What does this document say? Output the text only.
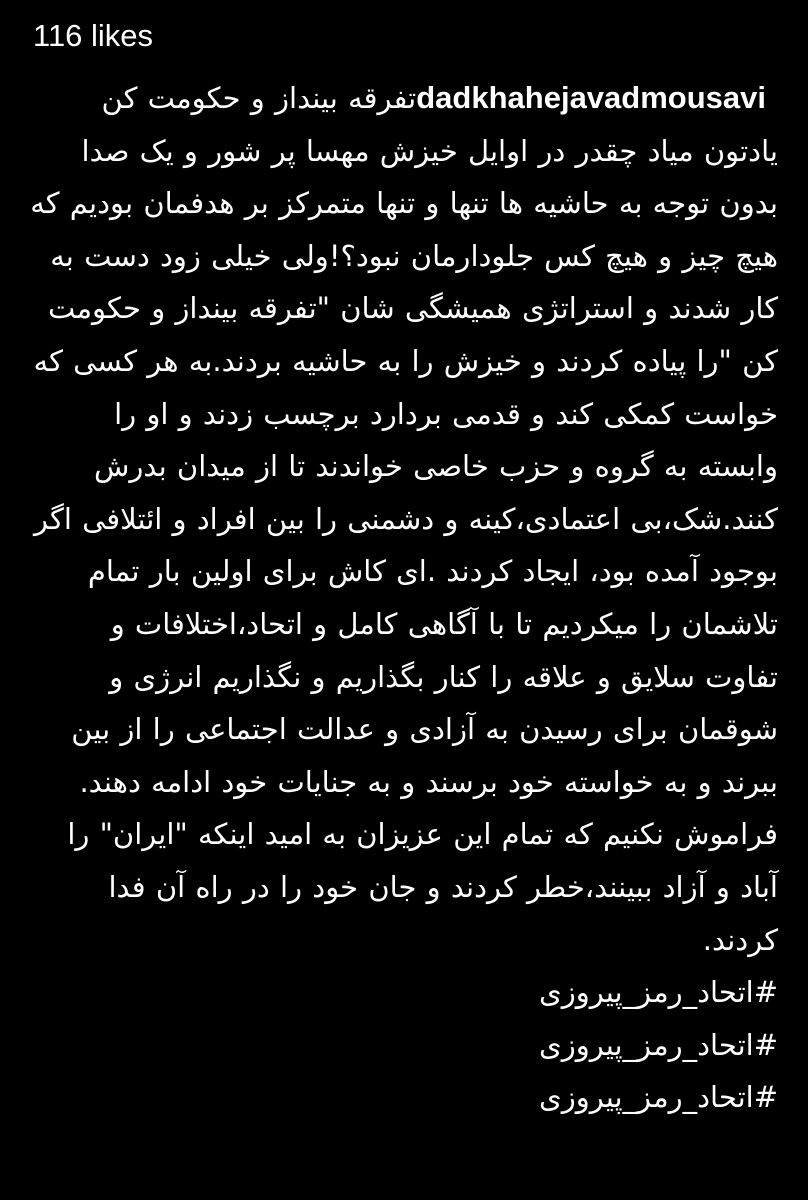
116 likes
dadkhahejavadmousaviتفرقه بینداز و حکومت کن یادتون میاد چقدر در اوایل خیزش مهسا پر شور و یک صدا بدون توجه به حاشیه ها تنها و تنها متمرکز بر هدفمان بودیم که هیچ چیز و هیچ کس جلودارمان نبود؟!ولی خیلی زود دست به کار شدند و استراتژی همیشگی شان "تفرقه بینداز و حکومت کن "را پیاده کردند و خیزش را به حاشیه بردند.به هر کسی که خواست کمکی کند و قدمی بردارد برچسب زدند و او را وابسته به گروه و حزب خاصی خواندند تا از میدان بدرش کنند.شک،بی اعتمادی،کینه و دشمنی را بین افراد و ائتلافی اگر بوجود آمده بود، ایجاد کردند .ای کاش برای اولین بار تمام تلاشمان را میکردیم تا با آگاهی کامل و اتحاد،اختلافات و تفاوت سلایق و علاقه را کنار بگذاریم و نگذاریم انرژی و شوقمان برای رسیدن به آزادی و عدالت اجتماعی را از بین ببرند و به خواسته خود برسند و به جنایات خود ادامه دهند.
فراموش نکنیم که تمام این عزیزان به امید اینکه "ایران" را آباد و آزاد ببینند،خطر کردند و جان خود را در راه آن فدا کردند.
#اتحاد_رمز_پیروزی
#اتحاد_رمز_پیروزی
#اتحاد_رمز_پیروزی
